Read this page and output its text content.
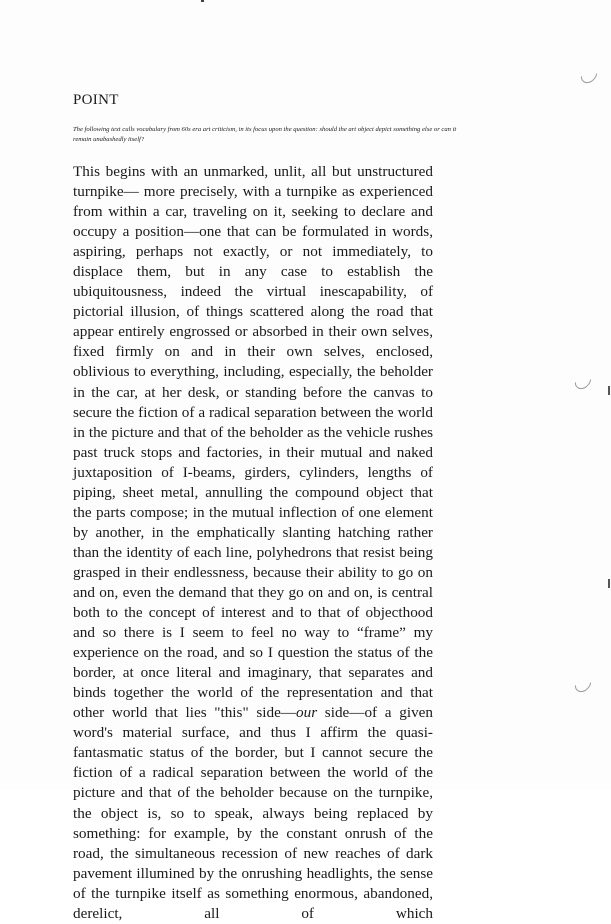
POINT

The following text culls vocabulary from 60s era art criticism, in its focus upon the question: should the art object depict something else or can it remain unabashedly itself?

This begins with an unmarked, unlit, all but unstructured turnpike— more precisely, with a turnpike as experienced from within a car, traveling on it, seeking to declare and occupy a position—one that can be formulated in words, aspiring, perhaps not exactly, or not immediately, to displace them, but in any case to establish the ubiquitousness, indeed the virtual inescapability, of pictorial illusion, of things scattered along the road that appear entirely engrossed or absorbed in their own selves, fixed firmly on and in their own selves, enclosed, oblivious to everything, including, especially, the beholder in the car, at her desk, or standing before the canvas to secure the fiction of a radical separation between the world in the picture and that of the beholder as the vehicle rushes past truck stops and factories, in their mutual and naked juxtaposition of I-beams, girders, cylinders, lengths of piping, sheet metal, annulling the compound object that the parts compose; in the mutual inflection of one element by another, in the emphatically slanting hatching rather than the identity of each line, polyhedrons that resist being grasped in their endlessness, because their ability to go on and on, even the demand that they go on and on, is central both to the concept of interest and to that of objecthood and so there is I seem to feel no way to “frame” my experience on the road, and so I question the status of the border, at once literal and imaginary, that separates and binds together the world of the representation and that other world that lies "this" side—our side—of a given word's material surface, and thus I affirm the quasi-fantasmatic status of the border, but I cannot secure the fiction of a radical separation between the world of the picture and that of the beholder because on the turnpike, the object is, so to speak, always being replaced by something: for example, by the constant onrush of the road, the simultaneous recession of new reaches of dark pavement illumined by the onrushing headlights, the sense of the turnpike itself as something enormous, abandoned, derelict, all of which
